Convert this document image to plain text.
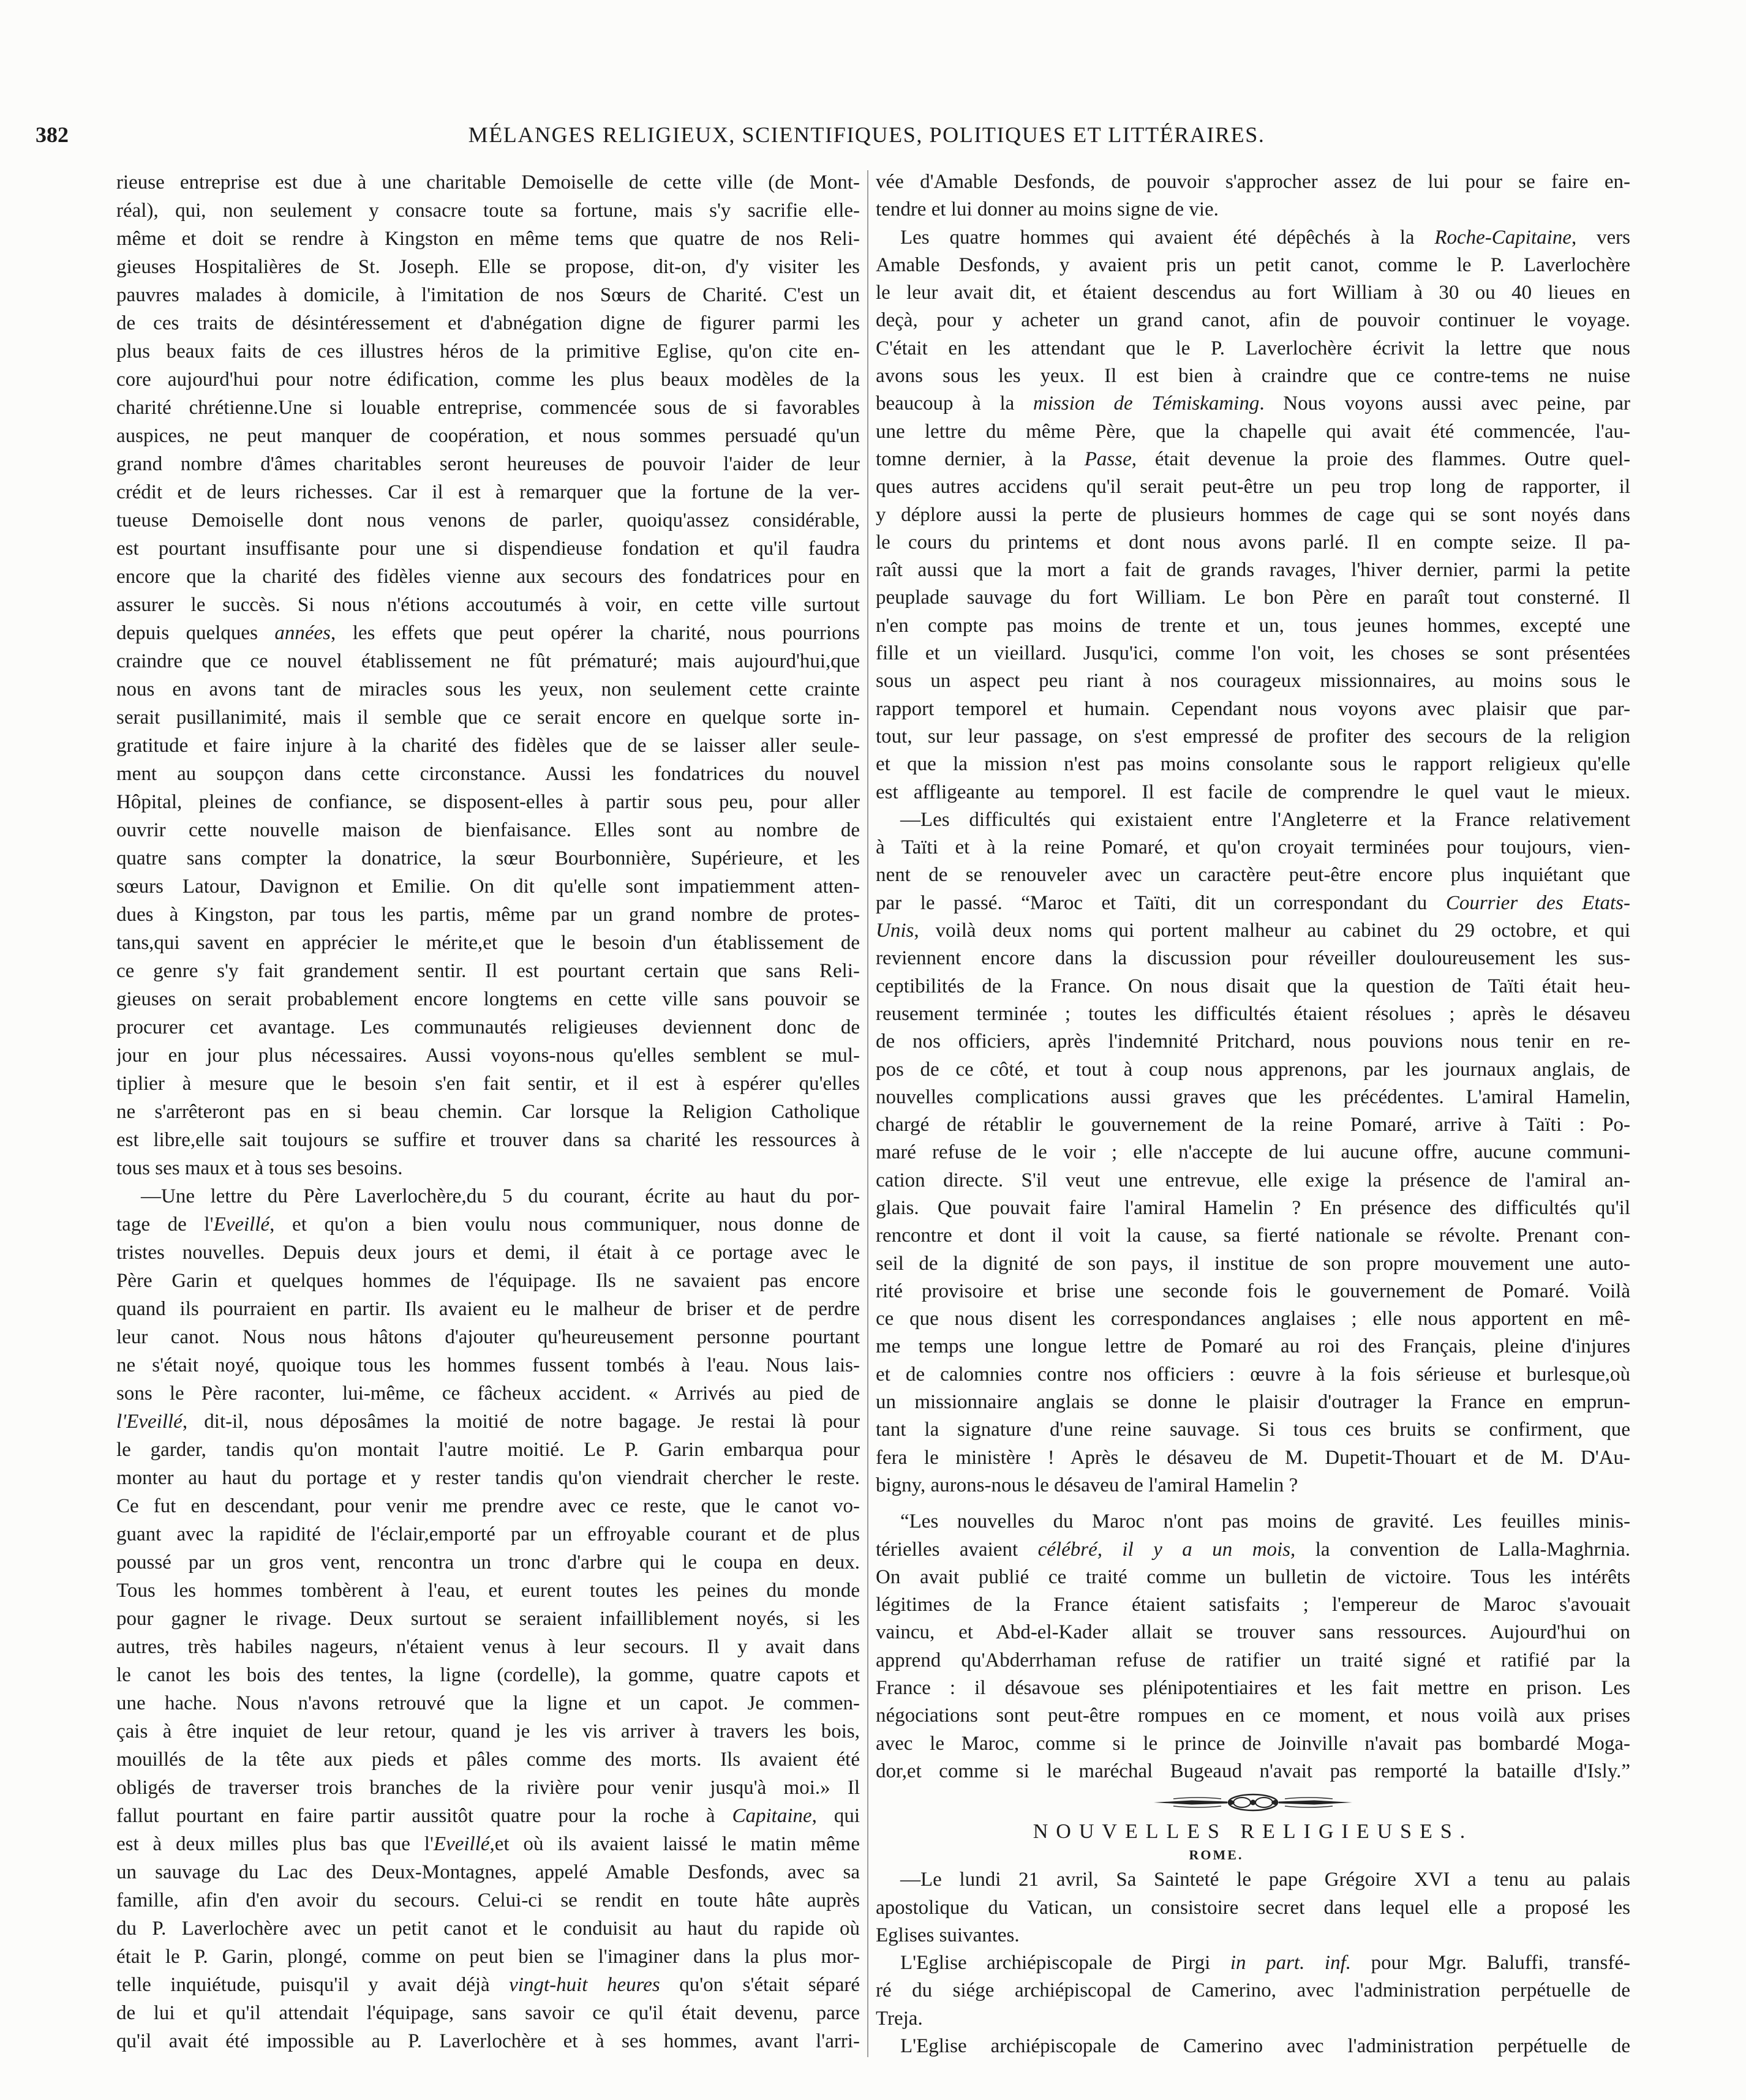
382	MÉLANGES RELIGIEUX, SCIENTIFIQUES, POLITIQUES ET LITTÉRAIRES.
rieuse entreprise est due à une charitable Demoiselle de cette ville (de Mont-
réal), qui, non seulement y consacre toute sa fortune, mais s'y sacrifie elle-
même et doit se rendre à Kingston en même tems que quatre de nos Reli-
gieuses Hospitalières de St. Joseph. Elle se propose, dit-on, d'y visiter les
pauvres malades à domicile, à l'imitation de nos Sœurs de Charité. C'est un
de ces traits de désintéressement et d'abnégation digne de figurer parmi les
plus beaux faits de ces illustres héros de la primitive Eglise, qu'on cite en-
core aujourd'hui pour notre édification, comme les plus beaux modèles de la
charité chrétienne.Une si louable entreprise, commencée sous de si favorables
auspices, ne peut manquer de coopération, et nous sommes persuadé qu'un
grand nombre d'âmes charitables seront heureuses de pouvoir l'aider de leur
crédit et de leurs richesses. Car il est à remarquer que la fortune de la ver-
tueuse Demoiselle dont nous venons de parler, quoiqu'assez considérable,
est pourtant insuffisante pour une si dispendieuse fondation et qu'il faudra
encore que la charité des fidèles vienne aux secours des fondatrices pour en
assurer le succès. Si nous n'étions accoutumés à voir, en cette ville surtout
depuis quelques années, les effets que peut opérer la charité, nous pourrions
craindre que ce nouvel établissement ne fût prématuré; mais aujourd'hui,que
nous en avons tant de miracles sous les yeux, non seulement cette crainte
serait pusillanimité, mais il semble que ce serait encore en quelque sorte in-
gratitude et faire injure à la charité des fidèles que de se laisser aller seule-
ment au soupçon dans cette circonstance. Aussi les fondatrices du nouvel
Hôpital, pleines de confiance, se disposent-elles à partir sous peu, pour aller
ouvrir cette nouvelle maison de bienfaisance. Elles sont au nombre de
quatre sans compter la donatrice, la sœur Bourbonnière, Supérieure, et les
sœurs Latour, Davignon et Emilie. On dit qu'elle sont impatiemment atten-
dues à Kingston, par tous les partis, même par un grand nombre de protes-
tans,qui savent en apprécier le mérite,et que le besoin d'un établissement de
ce genre s'y fait grandement sentir. Il est pourtant certain que sans Reli-
gieuses on serait probablement encore longtems en cette ville sans pouvoir se
procurer cet avantage. Les communautés religieuses deviennent donc de
jour en jour plus nécessaires. Aussi voyons-nous qu'elles semblent se mul-
tiplier à mesure que le besoin s'en fait sentir, et il est à espérer qu'elles
ne s'arrêteront pas en si beau chemin. Car lorsque la Religion Catholique
est libre,elle sait toujours se suffire et trouver dans sa charité les ressources à
tous ses maux et à tous ses besoins.
—Une lettre du Père Laverlochère,du 5 du courant, écrite au haut du por-
tage de l'Eveillé, et qu'on a bien voulu nous communiquer, nous donne de
tristes nouvelles. Depuis deux jours et demi, il était à ce portage avec le
Père Garin et quelques hommes de l'équipage. Ils ne savaient pas encore
quand ils pourraient en partir. Ils avaient eu le malheur de briser et de perdre
leur canot. Nous nous hâtons d'ajouter qu'heureusement personne pourtant
ne s'était noyé, quoique tous les hommes fussent tombés à l'eau. Nous lais-
sons le Père raconter, lui-même, ce fâcheux accident. « Arrivés au pied de
l'Eveillé, dit-il, nous déposâmes la moitié de notre bagage. Je restai là pour
le garder, tandis qu'on montait l'autre moitié. Le P. Garin embarqua pour
monter au haut du portage et y rester tandis qu'on viendrait chercher le reste.
Ce fut en descendant, pour venir me prendre avec ce reste, que le canot vo-
guant avec la rapidité de l'éclair,emporté par un effroyable courant et de plus
poussé par un gros vent, rencontra un tronc d'arbre qui le coupa en deux.
Tous les hommes tombèrent à l'eau, et eurent toutes les peines du monde
pour gagner le rivage. Deux surtout se seraient infailliblement noyés, si les
autres, très habiles nageurs, n'étaient venus à leur secours. Il y avait dans
le canot les bois des tentes, la ligne (cordelle), la gomme, quatre capots et
une hache. Nous n'avons retrouvé que la ligne et un capot. Je commen-
çais à être inquiet de leur retour, quand je les vis arriver à travers les bois,
mouillés de la tête aux pieds et pâles comme des morts. Ils avaient été
obligés de traverser trois branches de la rivière pour venir jusqu'à moi.» Il
fallut pourtant en faire partir aussitôt quatre pour la roche à Capitaine, qui
est à deux milles plus bas que l'Eveillé,et où ils avaient laissé le matin même
un sauvage du Lac des Deux-Montagnes, appelé Amable Desfonds, avec sa
famille, afin d'en avoir du secours. Celui-ci se rendit en toute hâte auprès
du P. Laverlochère avec un petit canot et le conduisit au haut du rapide où
était le P. Garin, plongé, comme on peut bien se l'imaginer dans la plus mor-
telle inquiétude, puisqu'il y avait déjà vingt-huit heures qu'on s'était séparé
de lui et qu'il attendait l'équipage, sans savoir ce qu'il était devenu, parce
qu'il avait été impossible au P. Laverlochère et à ses hommes, avant l'arri-
vée d'Amable Desfonds, de pouvoir s'approcher assez de lui pour se faire en-
tendre et lui donner au moins signe de vie.
Les quatre hommes qui avaient été dépêchés à la Roche-Capitaine, vers
Amable Desfonds, y avaient pris un petit canot, comme le P. Laverlochère
le leur avait dit, et étaient descendus au fort William à 30 ou 40 lieues en
deçà, pour y acheter un grand canot, afin de pouvoir continuer le voyage.
C'était en les attendant que le P. Laverlochère écrivit la lettre que nous
avons sous les yeux. Il est bien à craindre que ce contre-tems ne nuise
beaucoup à la mission de Témiskaming. Nous voyons aussi avec peine, par
une lettre du même Père, que la chapelle qui avait été commencée, l'au-
tomne dernier, à la Passe, était devenue la proie des flammes. Outre quel-
ques autres accidens qu'il serait peut-être un peu trop long de rapporter, il
y déplore aussi la perte de plusieurs hommes de cage qui se sont noyés dans
le cours du printems et dont nous avons parlé. Il en compte seize. Il pa-
raît aussi que la mort a fait de grands ravages, l'hiver dernier, parmi la petite
peuplade sauvage du fort William. Le bon Père en paraît tout consterné. Il
n'en compte pas moins de trente et un, tous jeunes hommes, excepté une
fille et un vieillard. Jusqu'ici, comme l'on voit, les choses se sont présentées
sous un aspect peu riant à nos courageux missionnaires, au moins sous le
rapport temporel et humain. Cependant nous voyons avec plaisir que par-
tout, sur leur passage, on s'est empressé de profiter des secours de la religion
et que la mission n'est pas moins consolante sous le rapport religieux qu'elle
est affligeante au temporel. Il est facile de comprendre le quel vaut le mieux.
—Les difficultés qui existaient entre l'Angleterre et la France relativement
à Taïti et à la reine Pomaré, et qu'on croyait terminées pour toujours, vien-
nent de se renouveler avec un caractère peut-être encore plus inquiétant que
par le passé. “Maroc et Taïti, dit un correspondant du Courrier des Etats-
Unis, voilà deux noms qui portent malheur au cabinet du 29 octobre, et qui
reviennent encore dans la discussion pour réveiller douloureusement les sus-
ceptibilités de la France. On nous disait que la question de Taïti était heu-
reusement terminée ; toutes les difficultés étaient résolues ; après le désaveu
de nos officiers, après l'indemnité Pritchard, nous pouvions nous tenir en re-
pos de ce côté, et tout à coup nous apprenons, par les journaux anglais, de
nouvelles complications aussi graves que les précédentes. L'amiral Hamelin,
chargé de rétablir le gouvernement de la reine Pomaré, arrive à Taïti : Po-
maré refuse de le voir ; elle n'accepte de lui aucune offre, aucune communi-
cation directe. S'il veut une entrevue, elle exige la présence de l'amiral an-
glais. Que pouvait faire l'amiral Hamelin ? En présence des difficultés qu'il
rencontre et dont il voit la cause, sa fierté nationale se révolte. Prenant con-
seil de la dignité de son pays, il institue de son propre mouvement une auto-
rité provisoire et brise une seconde fois le gouvernement de Pomaré. Voilà
ce que nous disent les correspondances anglaises ; elle nous apportent en mê-
me temps une longue lettre de Pomaré au roi des Français, pleine d'injures
et de calomnies contre nos officiers : œuvre à la fois sérieuse et burlesque,où
un missionnaire anglais se donne le plaisir d'outrager la France en emprun-
tant la signature d'une reine sauvage. Si tous ces bruits se confirment, que
fera le ministère ! Après le désaveu de M. Dupetit-Thouart et de M. D'Au-
bigny, aurons-nous le désaveu de l'amiral Hamelin ?
“Les nouvelles du Maroc n'ont pas moins de gravité. Les feuilles minis-
térielles avaient célébré, il y a un mois, la convention de Lalla-Maghrnia.
On avait publié ce traité comme un bulletin de victoire. Tous les intérêts
légitimes de la France étaient satisfaits ; l'empereur de Maroc s'avouait
vaincu, et Abd-el-Kader allait se trouver sans ressources. Aujourd'hui on
apprend qu'Abderrhaman refuse de ratifier un traité signé et ratifié par la
France : il désavoue ses plénipotentiaires et les fait mettre en prison. Les
négociations sont peut-être rompues en ce moment, et nous voilà aux prises
avec le Maroc, comme si le prince de Joinville n'avait pas bombardé Moga-
dor,et comme si le maréchal Bugeaud n'avait pas remporté la bataille d'Isly.”
NOUVELLES RELIGIEUSES.
ROME.
—Le lundi 21 avril, Sa Sainteté le pape Grégoire XVI a tenu au palais
apostolique du Vatican, un consistoire secret dans lequel elle a proposé les
Eglises suivantes.
L'Eglise archiépiscopale de Pirgi in part. inf. pour Mgr. Baluffi, transfé-
ré du siége archiépiscopal de Camerino, avec l'administration perpétuelle de
Treja.
L'Eglise archiépiscopale de Camerino avec l'administration perpétuelle de
